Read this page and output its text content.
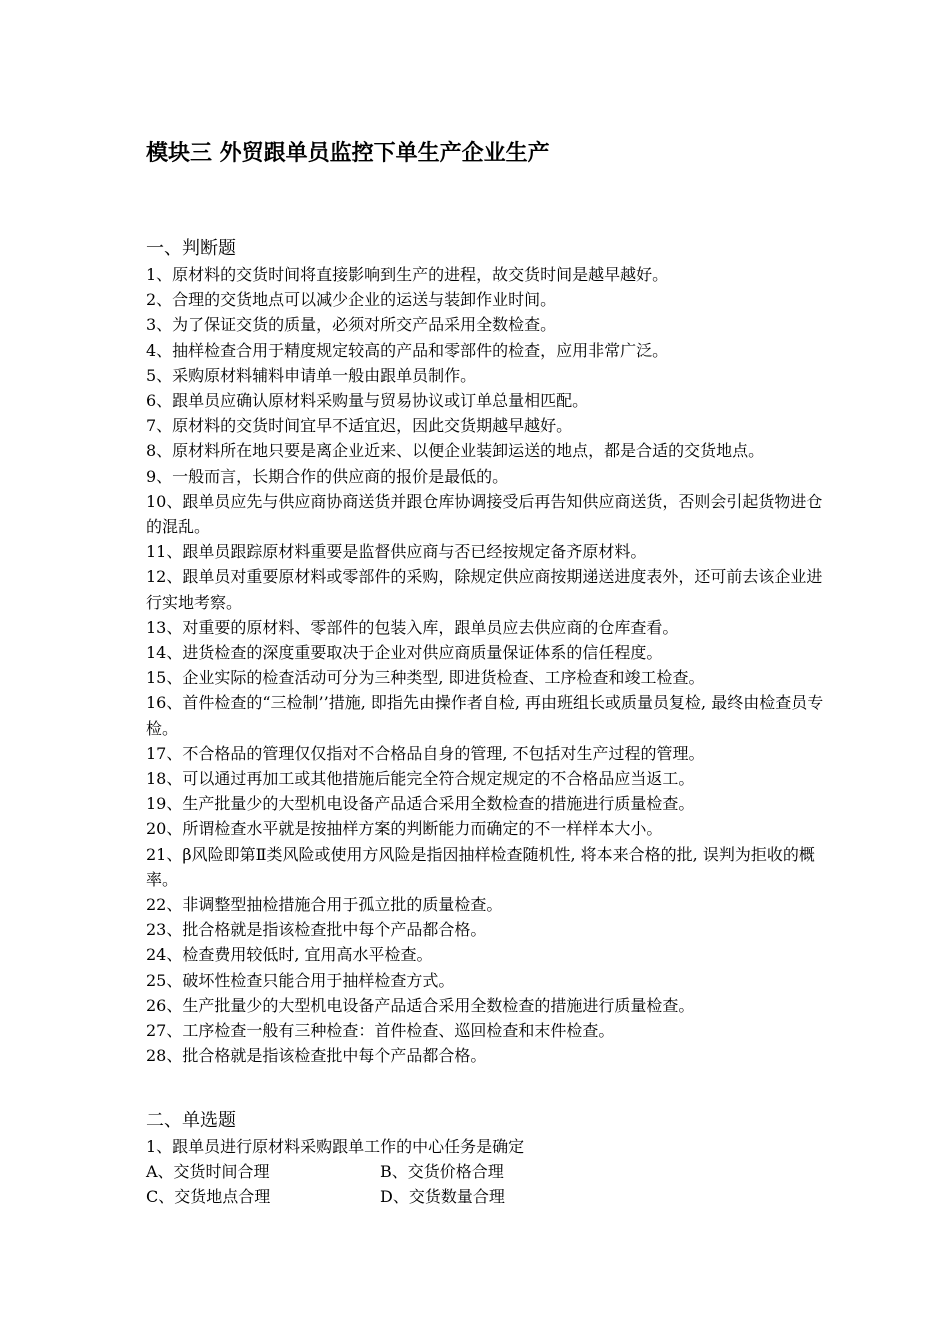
模块三 外贸跟单员监控下单生产企业生产
一、判断题
1、原材料的交货时间将直接影响到生产的进程，故交货时间是越早越好。
2、合理的交货地点可以减少企业的运送与装卸作业时间。
3、为了保证交货的质量，必须对所交产品采用全数检查。
4、抽样检查合用于精度规定较高的产品和零部件的检查，应用非常广泛。
5、采购原材料辅料申请单一般由跟单员制作。
6、跟单员应确认原材料采购量与贸易协议或订单总量相匹配。
7、原材料的交货时间宜早不适宜迟，因此交货期越早越好。
8、原材料所在地只要是离企业近来、以便企业装卸运送的地点，都是合适的交货地点。
9、一般而言，长期合作的供应商的报价是最低的。
10、跟单员应先与供应商协商送货并跟仓库协调接受后再告知供应商送货，否则会引起货物进仓的混乱。
11、跟单员跟踪原材料重要是监督供应商与否已经按规定备齐原材料。
12、跟单员对重要原材料或零部件的采购，除规定供应商按期递送进度表外，还可前去该企业进行实地考察。
13、对重要的原材料、零部件的包装入库，跟单员应去供应商的仓库查看。
14、进货检查的深度重要取决于企业对供应商质量保证体系的信任程度。
15、企业实际的检查活动可分为三种类型, 即进货检查、工序检查和竣工检查。
16、首件检查的“三检制’’措施, 即指先由操作者自检, 再由班组长或质量员复检, 最终由检查员专检。
17、不合格品的管理仅仅指对不合格品自身的管理, 不包括对生产过程的管理。
18、可以通过再加工或其他措施后能完全符合规定规定的不合格品应当返工。
19、生产批量少的大型机电设备产品适合采用全数检查的措施进行质量检查。
20、所谓检查水平就是按抽样方案的判断能力而确定的不一样样本大小。
21、β风险即第Ⅱ类风险或使用方风险是指因抽样检查随机性, 将本来合格的批, 误判为拒收的概率。
22、非调整型抽检措施合用于孤立批的质量检查。
23、批合格就是指该检查批中每个产品都合格。
24、检查费用较低时, 宜用高水平检查。
25、破坏性检查只能合用于抽样检查方式。
26、生产批量少的大型机电设备产品适合采用全数检查的措施进行质量检查。
27、工序检查一般有三种检查：首件检查、巡回检查和末件检查。
28、批合格就是指该检查批中每个产品都合格。
二、单选题
1、跟单员进行原材料采购跟单工作的中心任务是确定
A、交货时间合理	B、交货价格合理
C、交货地点合理	D、交货数量合理
